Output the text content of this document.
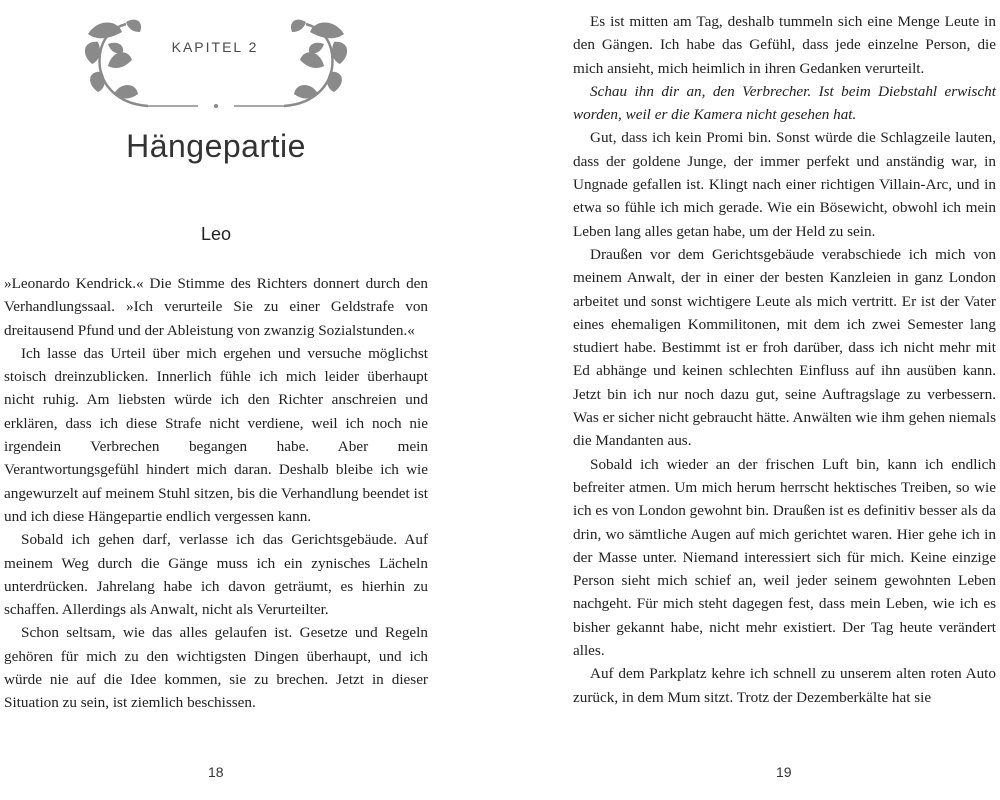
KAPITEL 2
Hängepartie
Leo

»Leonardo Kendrick.« Die Stimme des Richters donnert durch den Verhandlungssaal. »Ich verurteile Sie zu einer Geldstrafe von dreitausend Pfund und der Ableistung von zwanzig Sozialstunden.«

Ich lasse das Urteil über mich ergehen und versuche möglichst stoisch dreinzublicken. Innerlich fühle ich mich leider überhaupt nicht ruhig. Am liebsten würde ich den Richter anschreien und erklären, dass ich diese Strafe nicht verdiene, weil ich noch nie irgendein Verbrechen begangen habe. Aber mein Verantwortungsgefühl hindert mich daran. Deshalb bleibe ich wie angewurzelt auf meinem Stuhl sitzen, bis die Verhandlung beendet ist und ich diese Hängepartie endlich vergessen kann.

Sobald ich gehen darf, verlasse ich das Gerichtsgebäude. Auf meinem Weg durch die Gänge muss ich ein zynisches Lächeln unterdrücken. Jahrelang habe ich davon geträumt, es hierhin zu schaffen. Allerdings als Anwalt, nicht als Verurteilter.

Schon seltsam, wie das alles gelaufen ist. Gesetze und Regeln gehören für mich zu den wichtigsten Dingen überhaupt, und ich würde nie auf die Idee kommen, sie zu brechen. Jetzt in dieser Situation zu sein, ist ziemlich beschissen.

18

Es ist mitten am Tag, deshalb tummeln sich eine Menge Leute in den Gängen. Ich habe das Gefühl, dass jede einzelne Person, die mich ansieht, mich heimlich in ihren Gedanken verurteilt.

Schau ihn dir an, den Verbrecher. Ist beim Diebstahl erwischt worden, weil er die Kamera nicht gesehen hat.

Gut, dass ich kein Promi bin. Sonst würde die Schlagzeile lauten, dass der goldene Junge, der immer perfekt und anständig war, in Ungnade gefallen ist. Klingt nach einer richtigen Villain-Arc, und in etwa so fühle ich mich gerade. Wie ein Bösewicht, obwohl ich mein Leben lang alles getan habe, um der Held zu sein.

Draußen vor dem Gerichtsgebäude verabschiede ich mich von meinem Anwalt, der in einer der besten Kanzleien in ganz London arbeitet und sonst wichtigere Leute als mich vertritt. Er ist der Vater eines ehemaligen Kommilitonen, mit dem ich zwei Semester lang studiert habe. Bestimmt ist er froh darüber, dass ich nicht mehr mit Ed abhänge und keinen schlechten Einfluss auf ihn ausüben kann. Jetzt bin ich nur noch dazu gut, seine Auftragslage zu verbessern. Was er sicher nicht gebraucht hätte. Anwälten wie ihm gehen niemals die Mandanten aus.

Sobald ich wieder an der frischen Luft bin, kann ich endlich befreiter atmen. Um mich herum herrscht hektisches Treiben, so wie ich es von London gewohnt bin. Draußen ist es definitiv besser als da drin, wo sämtliche Augen auf mich gerichtet waren. Hier gehe ich in der Masse unter. Niemand interessiert sich für mich. Keine einzige Person sieht mich schief an, weil jeder seinem gewohnten Leben nachgeht. Für mich steht dagegen fest, dass mein Leben, wie ich es bisher gekannt habe, nicht mehr existiert. Der Tag heute verändert alles.

Auf dem Parkplatz kehre ich schnell zu unserem alten roten Auto zurück, in dem Mum sitzt. Trotz der Dezemberkälte hat sie

19
